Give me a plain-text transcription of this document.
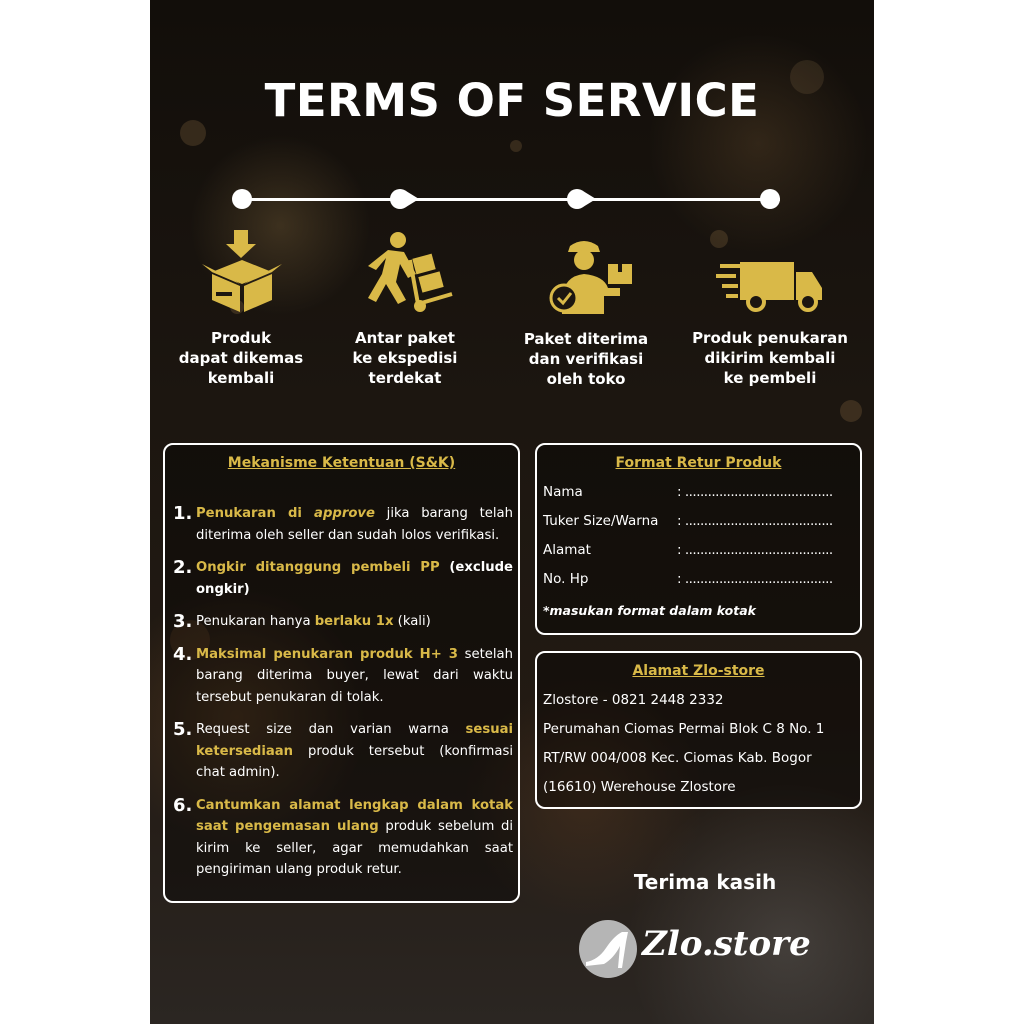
TERMS OF SERVICE
Produk
dapat dikemas
kembali
Antar paket
ke ekspedisi
terdekat
Paket diterima
dan verifikasi
oleh toko
Produk penukaran
dikirim kembali
ke pembeli
Mekanisme Ketentuan (S&K)
1. Penukaran di approve jika barang telah diterima oleh seller dan sudah lolos verifikasi.
2. Ongkir ditanggung pembeli PP (exclude ongkir)
3. Penukaran hanya berlaku 1x (kali)
4. Maksimal penukaran produk H+ 3 setelah barang diterima buyer, lewat dari waktu tersebut penukaran di tolak.
5. Request size dan varian warna sesuai ketersediaan produk tersebut (konfirmasi chat admin).
6. Cantumkan alamat lengkap dalam kotak saat pengemasan ulang produk sebelum di kirim ke seller, agar memudahkan saat pengiriman ulang produk retur.
Format Retur Produk
Nama	: .......................................
Tuker Size/Warna : .......................................
Alamat	: .......................................
No. Hp	: .......................................
*masukan format dalam kotak
Alamat Zlo-store
Zlostore - 0821 2448 2332
Perumahan Ciomas Permai Blok C 8 No. 1
RT/RW 004/008 Kec. Ciomas Kab. Bogor
(16610) Werehouse Zlostore
Terima kasih
Zlo.store
